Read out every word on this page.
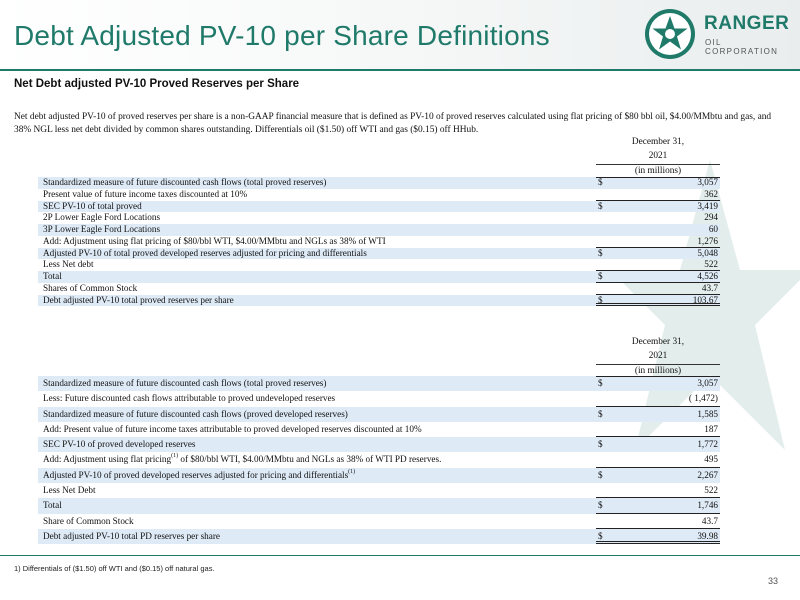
Debt Adjusted PV-10 per Share Definitions	RANGER
OIL CORPORATION
Net Debt adjusted PV-10 Proved Reserves per Share
Net debt adjusted PV-10 of proved reserves per share is a non-GAAP financial measure that is defined as PV-10 of proved reserves calculated using flat pricing of $80 bbl oil, $4.00/MMbtu and gas, and 38% NGL less net debt divided by common shares outstanding. Differentials oil ($1.50) off WTI and gas ($0.15) off HHub.
December 31,
2021
(in millions)
Standardized measure of future discounted cash flows (total proved reserves)	$	3,057
Present value of future income taxes discounted at 10%	362
SEC PV-10 of total proved	$	3,419
2P Lower Eagle Ford Locations	294
3P Lower Eagle Ford Locations	60
Add: Adjustment using flat pricing of $80/bbl WTI, $4.00/MMbtu and NGLs as 38% of WTI	1,276
Adjusted PV-10 of total proved developed reserves adjusted for pricing and differentials	$	5,048
Less Net debt	522
Total	$	4,526
Shares of Common Stock	43.7
Debt adjusted PV-10 total proved reserves per share	$	103.67
December 31,
2021
(in millions)
Standardized measure of future discounted cash flows (total proved reserves)	$	3,057
Less: Future discounted cash flows attributable to proved undeveloped reserves	( 1,472)
Standardized measure of future discounted cash flows (proved developed reserves)	$	1,585
Add: Present value of future income taxes attributable to proved developed reserves discounted at 10%	187
SEC PV-10 of proved developed reserves	$	1,772
Add: Adjustment using flat pricing$^{(1)}$ of $80/bbl WTI, $4.00/MMbtu and NGLs as 38% of WTI PD reserves.	495
Adjusted PV-10 of proved developed reserves adjusted for pricing and differentials$^{(1)}$	$	2,267
Less Net Debt	522
Total	$	1,746
Share of Common Stock	43.7
Debt adjusted PV-10 total PD reserves per share	$	39.98
1) Differentials of ($1.50) off WTI and ($0.15) off natural gas.
33
